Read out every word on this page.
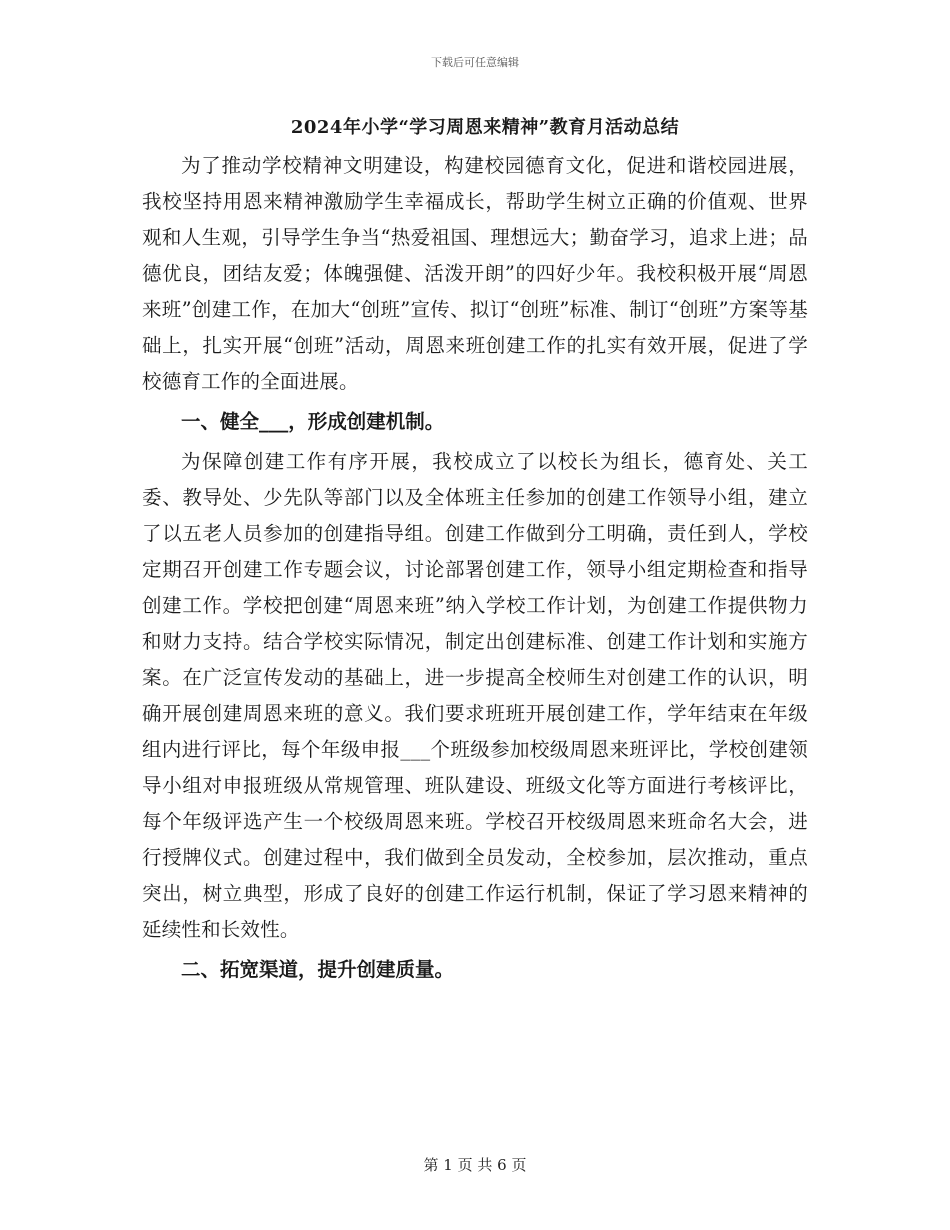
下载后可任意编辑
2024年小学“学习周恩来精神”教育月活动总结

为了推动学校精神文明建设，构建校园德育文化，促进和谐校园进展，我校坚持用恩来精神激励学生幸福成长，帮助学生树立正确的价值观、世界观和人生观，引导学生争当“热爱祖国、理想远大；勤奋学习，追求上进；品德优良，团结友爱；体魄强健、活泼开朗”的四好少年。我校积极开展“周恩来班”创建工作，在加大“创班”宣传、拟订“创班”标准、制订“创班”方案等基础上，扎实开展“创班”活动，周恩来班创建工作的扎实有效开展，促进了学校德育工作的全面进展。

一、健全___，形成创建机制。

为保障创建工作有序开展，我校成立了以校长为组长，德育处、关工委、教导处、少先队等部门以及全体班主任参加的创建工作领导小组，建立了以五老人员参加的创建指导组。创建工作做到分工明确，责任到人，学校定期召开创建工作专题会议，讨论部署创建工作，领导小组定期检查和指导创建工作。学校把创建“周恩来班”纳入学校工作计划，为创建工作提供物力和财力支持。结合学校实际情况，制定出创建标准、创建工作计划和实施方案。在广泛宣传发动的基础上，进一步提高全校师生对创建工作的认识，明确开展创建周恩来班的意义。我们要求班班开展创建工作，学年结束在年级组内进行评比，每个年级申报___个班级参加校级周恩来班评比，学校创建领导小组对申报班级从常规管理、班队建设、班级文化等方面进行考核评比，每个年级评选产生一个校级周恩来班。学校召开校级周恩来班命名大会，进行授牌仪式。创建过程中，我们做到全员发动，全校参加，层次推动，重点突出，树立典型，形成了良好的创建工作运行机制，保证了学习恩来精神的延续性和长效性。

二、拓宽渠道，提升创建质量。
第 1 页 共 6 页
